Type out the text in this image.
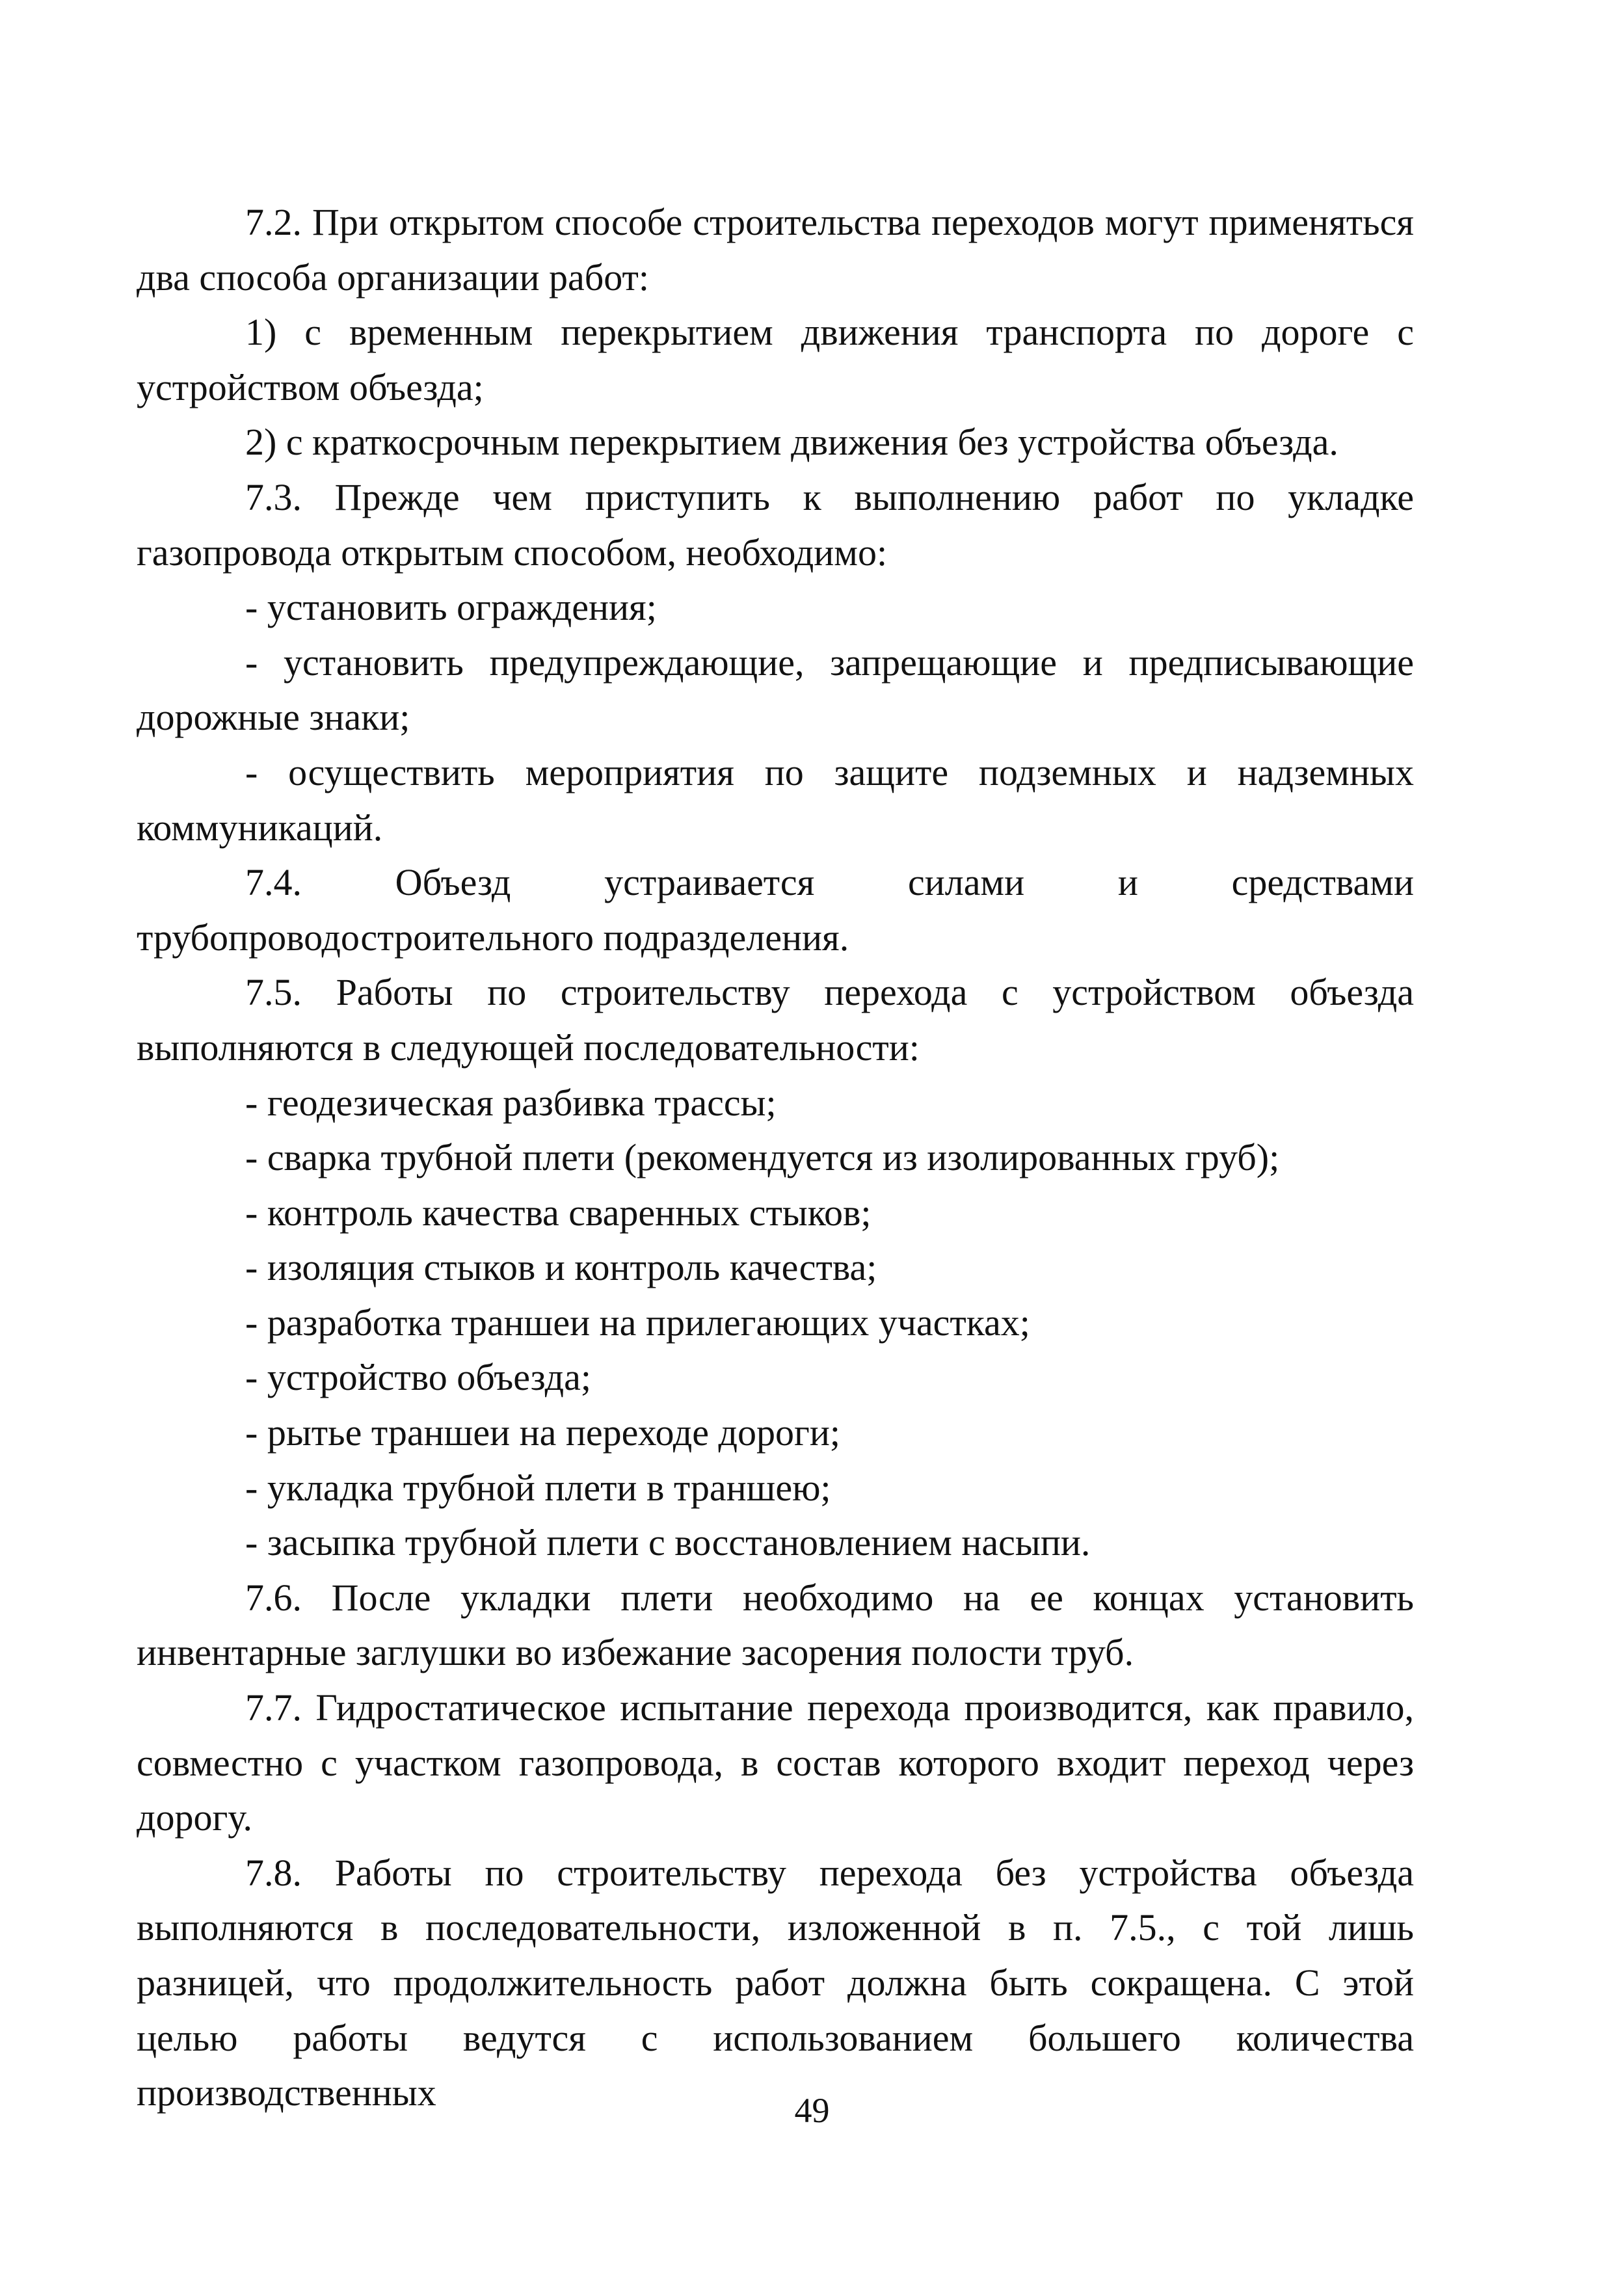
7.2. При открытом способе строительства переходов могут применяться два способа организации работ:

1) с временным перекрытием движения транспорта по дороге с устройством объезда;

2) с краткосрочным перекрытием движения без устройства объезда.

7.3. Прежде чем приступить к выполнению работ по укладке газопровода открытым способом, необходимо:

- установить ограждения;

- установить предупреждающие, запрещающие и предписывающие дорожные знаки;

- осуществить мероприятия по защите подземных и надземных коммуникаций.

7.4. Объезд устраивается силами и средствами трубопроводостроительного подразделения.

7.5. Работы по строительству перехода с устройством объезда выполняются в следующей последовательности:

- геодезическая разбивка трассы;

- сварка трубной плети (рекомендуется из изолированных груб);

- контроль качества сваренных стыков;

- изоляция стыков и контроль качества;

- разработка траншеи на прилегающих участках;

- устройство объезда;

- рытье траншеи на переходе дороги;

- укладка трубной плети в траншею;

- засыпка трубной плети с восстановлением насыпи.

7.6. После укладки плети необходимо на ее концах установить инвентарные заглушки во избежание засорения полости труб.

7.7. Гидростатическое испытание перехода производится, как правило, совместно с участком газопровода, в состав которого входит переход через дорогу.

7.8. Работы по строительству перехода без устройства объезда выполняются в последовательности, изложенной в п. 7.5., с той лишь разницей, что продолжительность работ должна быть сокращена. С этой целью работы ведутся с использованием большего количества производственных	49
